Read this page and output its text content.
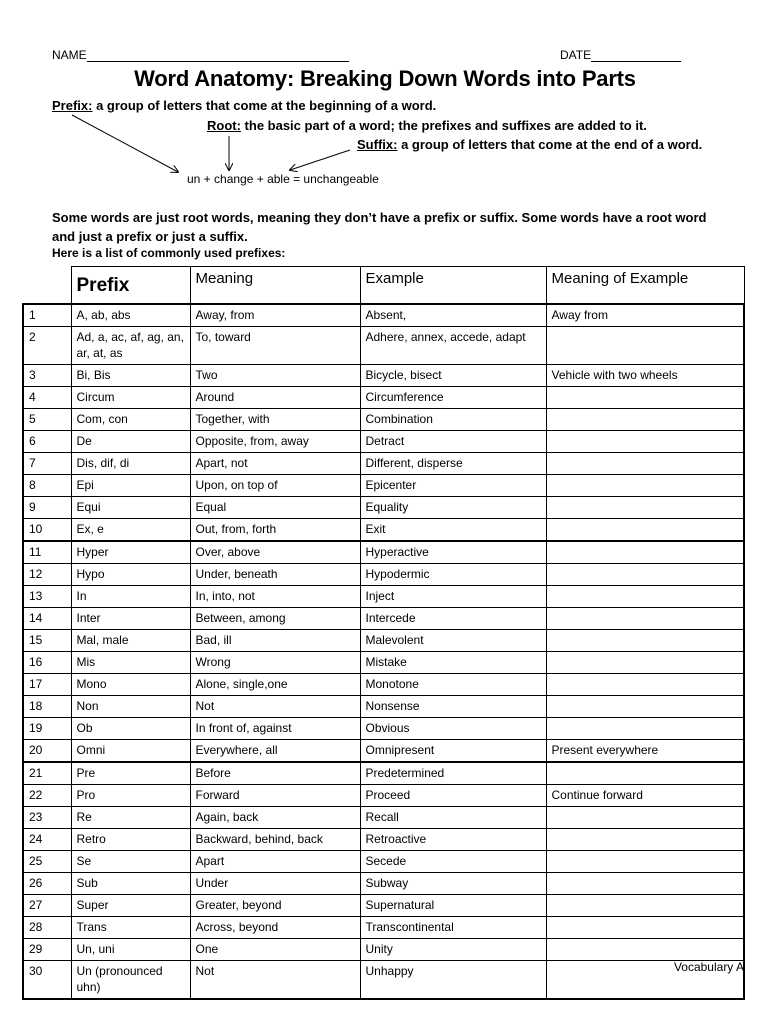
NAME	DATE
Word Anatomy: Breaking Down Words into Parts
Prefix: a group of letters that come at the beginning of a word.
Root: the basic part of a word; the prefixes and suffixes are added to it.
Suffix: a group of letters that come at the end of a word.
un + change + able = unchangeable
Some words are just root words, meaning they don’t have a prefix or suffix. Some words have a root word and just a prefix or just a suffix.
Here is a list of commonly used prefixes:
	Prefix	Meaning	Example	Meaning of Example
1	A, ab, abs	Away, from	Absent,	Away from
2	Ad, a, ac, af, ag, an, ar, at, as	To, toward	Adhere, annex, accede, adapt	
3	Bi, Bis	Two	Bicycle, bisect	Vehicle with two wheels
4	Circum	Around	Circumference	
5	Com, con	Together, with	Combination	
6	De	Opposite, from, away	Detract	
7	Dis, dif, di	Apart, not	Different, disperse	
8	Epi	Upon, on top of	Epicenter	
9	Equi	Equal	Equality	
10	Ex, e	Out, from, forth	Exit	
11	Hyper	Over, above	Hyperactive	
12	Hypo	Under, beneath	Hypodermic	
13	In	In, into, not	Inject	
14	Inter	Between, among	Intercede	
15	Mal, male	Bad, ill	Malevolent	
16	Mis	Wrong	Mistake	
17	Mono	Alone, single,one	Monotone	
18	Non	Not	Nonsense	
19	Ob	In front of, against	Obvious	
20	Omni	Everywhere, all	Omnipresent	Present everywhere
21	Pre	Before	Predetermined	
22	Pro	Forward	Proceed	Continue forward
23	Re	Again, back	Recall	
24	Retro	Backward, behind, back	Retroactive	
25	Se	Apart	Secede	
26	Sub	Under	Subway	
27	Super	Greater, beyond	Supernatural	
28	Trans	Across, beyond	Transcontinental	
29	Un, uni	One	Unity	
30	Un (pronounced uhn)	Not	Unhappy		Vocabulary A
